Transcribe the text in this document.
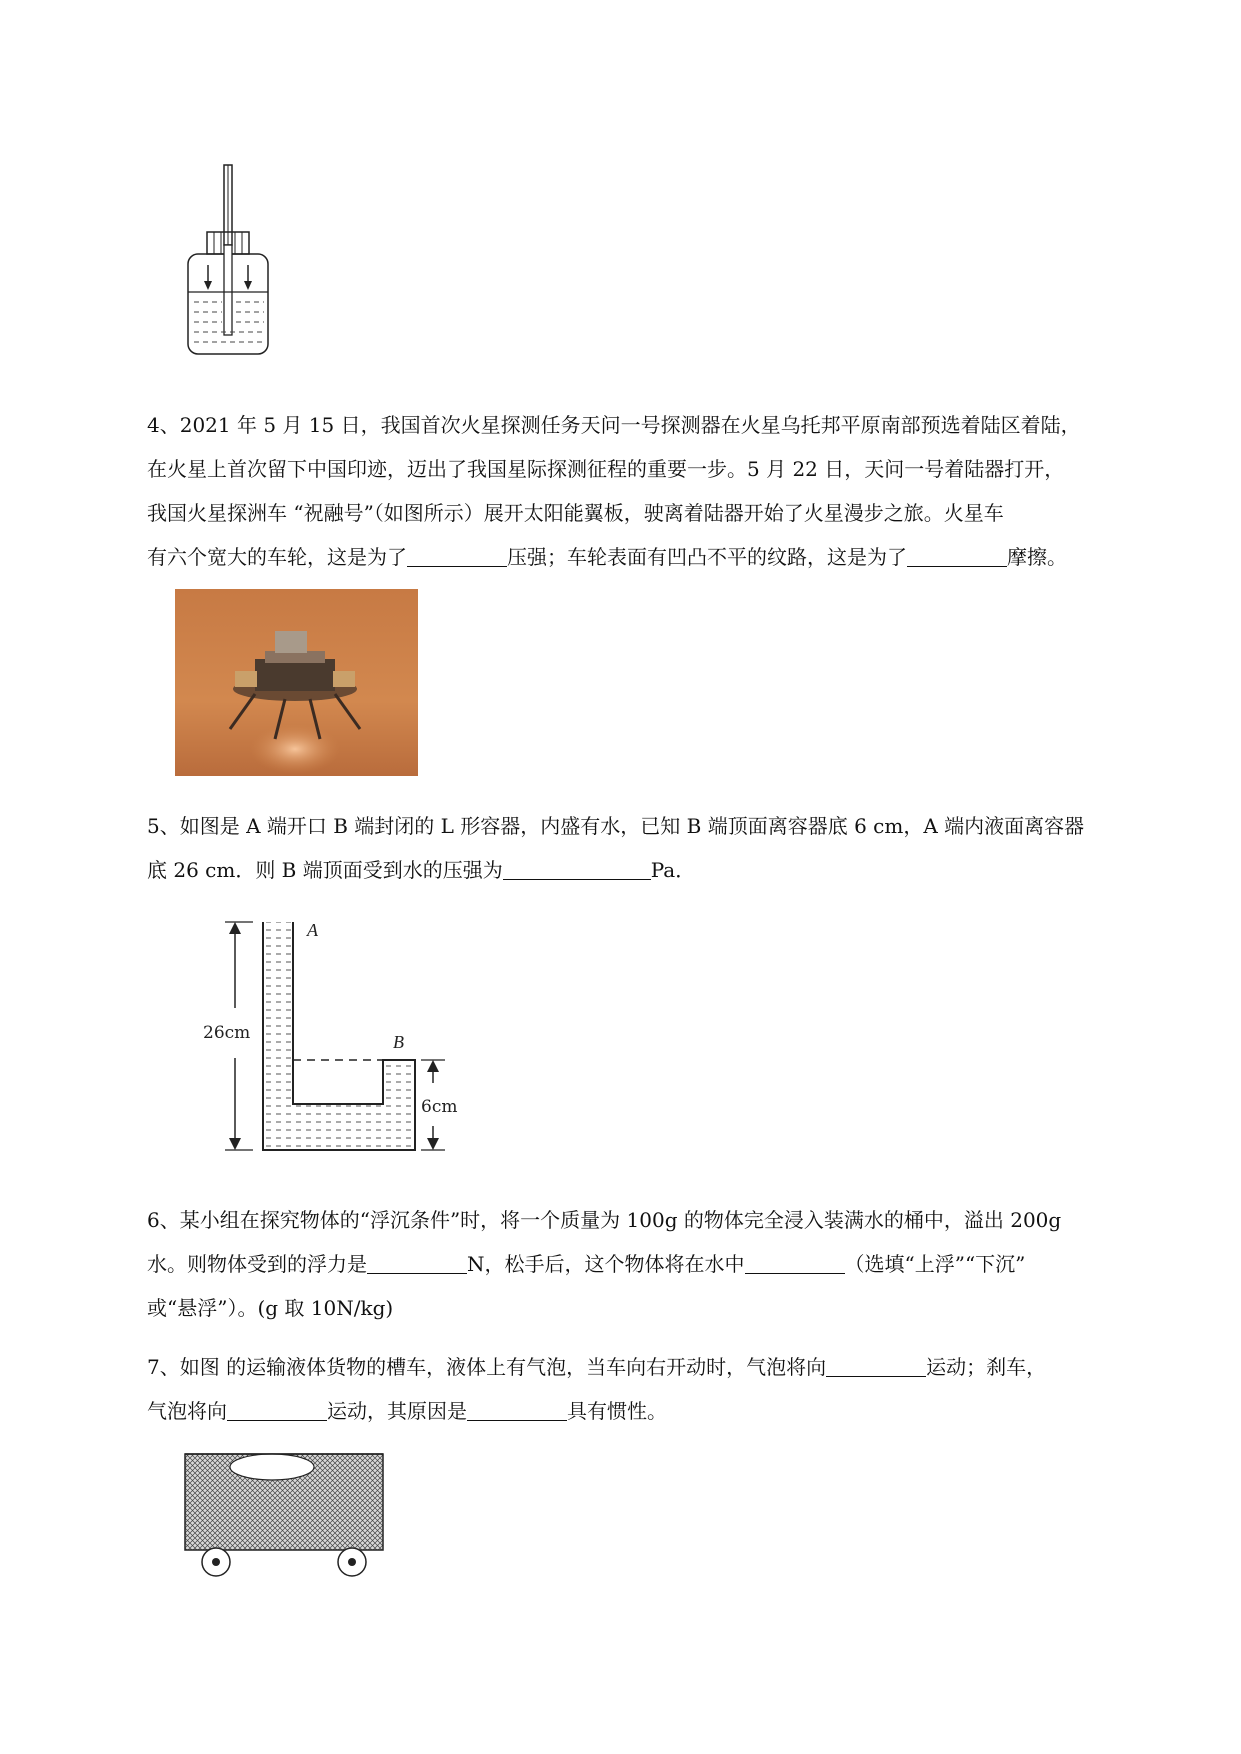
4、2021 年 5 月 15 日，我国首次火星探测任务天问一号探测器在火星乌托邦平原南部预选着陆区着陆，
在火星上首次留下中国印迹，迈出了我国星际探测征程的重要一步。5 月 22 日，天问一号着陆器打开，
我国火星探洲车 “祝融号”（如图所示）展开太阳能翼板，驶离着陆器开始了火星漫步之旅。火星车
有六个宽大的车轮，这是为了	压强；车轮表面有凹凸不平的纹路，这是为了	摩擦。
5、如图是 A 端开口 B 端封闭的 L 形容器，内盛有水，已知 B 端顶面离容器底 6 cm，A 端内液面离容器
底 26 cm．则 B 端顶面受到水的压强为	Pa．
26cm
6cm
A
B
6、某小组在探究物体的“浮沉条件”时，将一个质量为 100g 的物体完全浸入装满水的桶中，溢出 200g
水。则物体受到的浮力是	N，松手后，这个物体将在水中	（选填“上浮”“下沉”
或“悬浮”）。(g 取 10N/kg)
7、如图 的运输液体货物的槽车，液体上有气泡，当车向右开动时，气泡将向	运动；刹车，
气泡将向	运动，其原因是	具有惯性。
